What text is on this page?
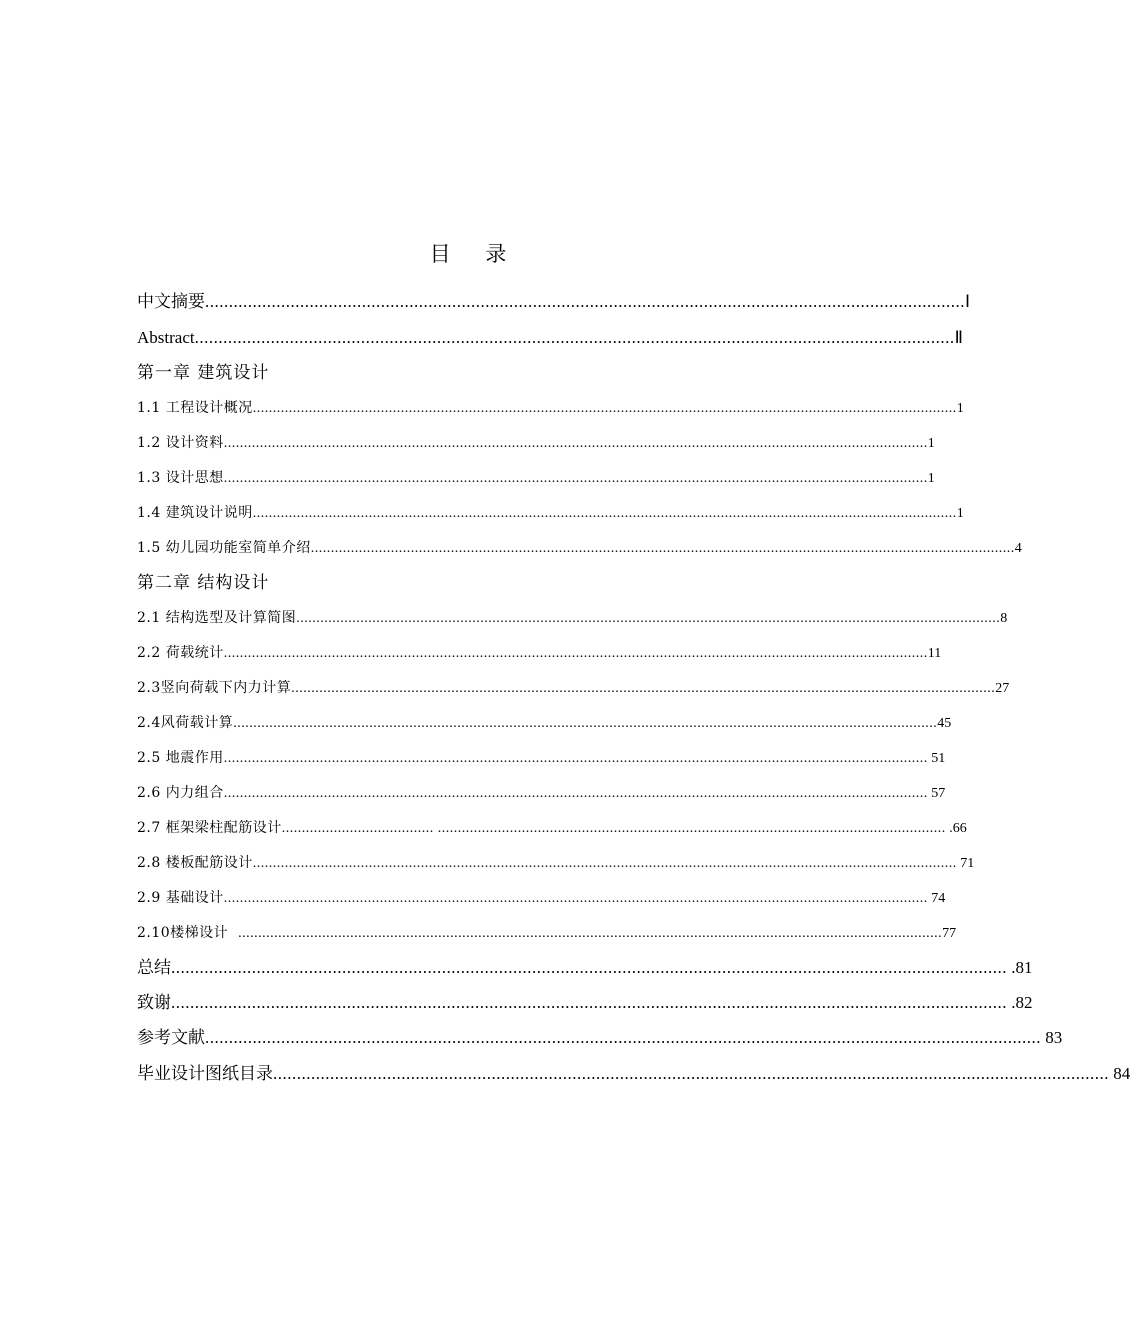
目 录
中文摘要 ................................................................................................................................................................ Ⅰ
Abstract ................................................................................................................................................................ Ⅱ
第一章 建筑设计
1.1 工程设计概况 ................................................................................................................................................................................ 1
1.2 设计资料 ................................................................................................................................................................................ 1
1.3 设计思想 ................................................................................................................................................................................ 1
1.4 建筑设计说明 ................................................................................................................................................................................ 1
1.5 幼儿园功能室简单介绍 ................................................................................................................................................................................ 4
第二章 结构设计
2.1 结构选型及计算简图 ................................................................................................................................................................................ 8
2.2 荷载统计 ................................................................................................................................................................................ 11
2.3竖向荷载下内力计算 ................................................................................................................................................................................ 27
2.4风荷载计算 ................................................................................................................................................................................ 45
2.5 地震作用 ................................................................................................................................................................................ 51
2.6 内力组合 ................................................................................................................................................................................ 57
2.7 框架梁柱配筋设计 ...................................... ............................................................................................................................... .66
2.8 楼板配筋设计 ................................................................................................................................................................................ 71
2.9 基础设计 ................................................................................................................................................................................ 74
2.10楼梯设计 ................................................................................................................................................................................ 77
总结 ................................................................................................................................................................................ .81
致谢 ................................................................................................................................................................................ .82
参考文献 ................................................................................................................................................................................ 83
毕业设计图纸目录 ................................................................................................................................................................................ 84
